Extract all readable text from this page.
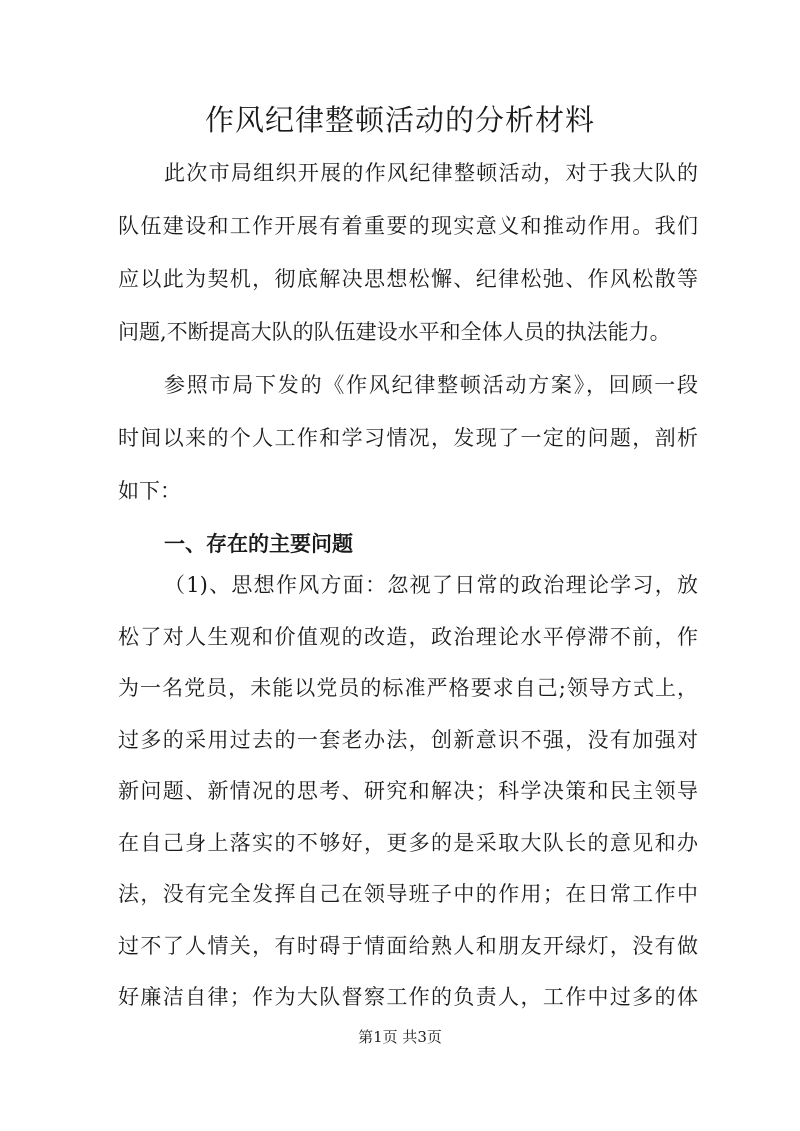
作风纪律整顿活动的分析材料
此次市局组织开展的作风纪律整顿活动，对于我大队的
队伍建设和工作开展有着重要的现实意义和推动作用。我们
应以此为契机，彻底解决思想松懈、纪律松弛、作风松散等
问题,不断提高大队的队伍建设水平和全体人员的执法能力。
参照市局下发的《作风纪律整顿活动方案》，回顾一段
时间以来的个人工作和学习情况，发现了一定的问题，剖析
如下：
一、存在的主要问题
（1)、思想作风方面：忽视了日常的政治理论学习，放
松了对人生观和价值观的改造，政治理论水平停滞不前，作
为一名党员，未能以党员的标准严格要求自己;领导方式上，
过多的采用过去的一套老办法，创新意识不强，没有加强对
新问题、新情况的思考、研究和解决；科学决策和民主领导
在自己身上落实的不够好，更多的是采取大队长的意见和办
法，没有完全发挥自己在领导班子中的作用；在日常工作中
过不了人情关，有时碍于情面给熟人和朋友开绿灯，没有做
第1页 共3页
好廉洁自律；作为大队督察工作的负责人，工作中过多的体
